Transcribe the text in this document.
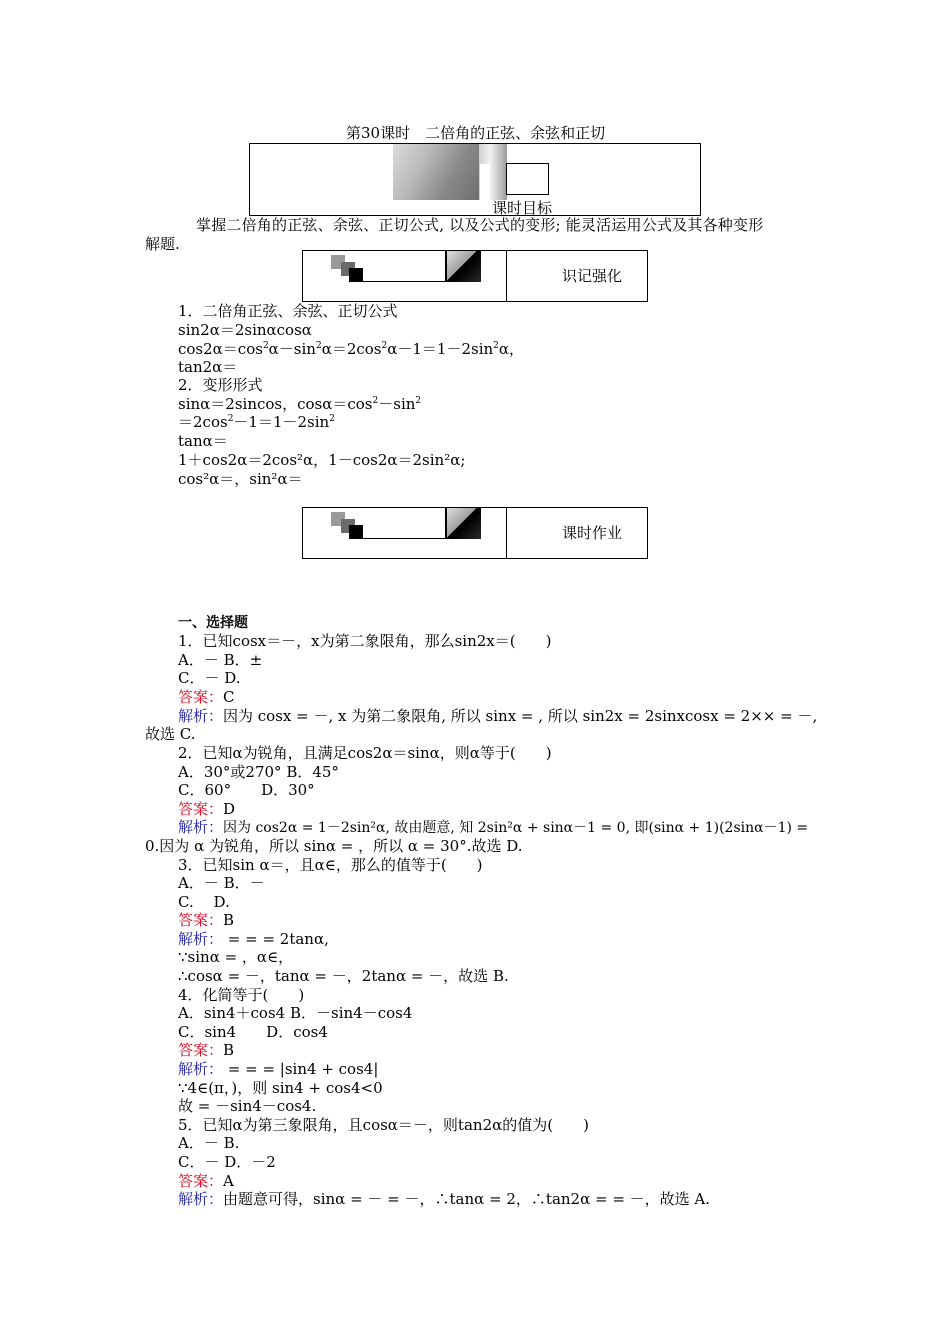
第30课时　二倍角的正弦、余弦和正切
课时目标
掌握二倍角的正弦、余弦、正切公式, 以及公式的变形; 能灵活运用公式及其各种变形
解题.
识记强化
1．二倍角正弦、余弦、正切公式
sin2α＝2sinαcosα
$\cos 2\alpha=\cos^2\alpha-\sin^2\alpha=2\cos^2\alpha-1=1-2\sin^2\alpha$，
tan2α＝
2．变形形式
sinα＝2sincos，$\cos\alpha=\cos^2-\sin^2$
$=2\cos^2-1=1-2\sin^2$
tanα＝
1＋cos2α＝2cos²α，1－cos2α＝2sin²α;
cos²α＝，sin²α＝
课时作业
一、选择题
1．已知cosx＝－，x为第二象限角，那么sin2x＝(　　)
A．－ B．±
C．－ D.
答案：C
解析：因为 cosx = －, x 为第二象限角, 所以 sinx = , 所以 sin2x = 2sinxcosx = 2×× = －,
故选 C.
2．已知α为锐角，且满足cos2α＝sinα，则α等于(　　)
A．30°或270° B．45°
C．60°　　D．30°
答案：D
解析：因为 cos2α = 1－2sin²α, 故由题意, 知 2sin²α + sinα－1 = 0, 即(sinα + 1)(2sinα－1) =
0.因为 α 为锐角，所以 sinα = ，所以 α = 30°.故选 D.
3．已知sin α＝，且α∈，那么的值等于(　　)
A．－ B．－
C.　 D.
答案：B
解析： = = = 2tanα,
∵sinα = ，α∈，
∴cosα = －，tanα = －，2tanα = －，故选 B.
4．化简等于(　　)
A．sin4＋cos4 B．－sin4－cos4
C．sin4　　D．cos4
答案：B
解析： = = = |sin4 + cos4|
∵4∈(π，)，则 sin4 + cos4<0
故 = －sin4－cos4.
5．已知α为第三象限角，且cosα＝－，则tan2α的值为(　　)
A．－ B.
C．－ D．－2
答案：A
解析：由题意可得，sinα = － = －，∴tanα = 2，∴tan2α = = －，故选 A.
